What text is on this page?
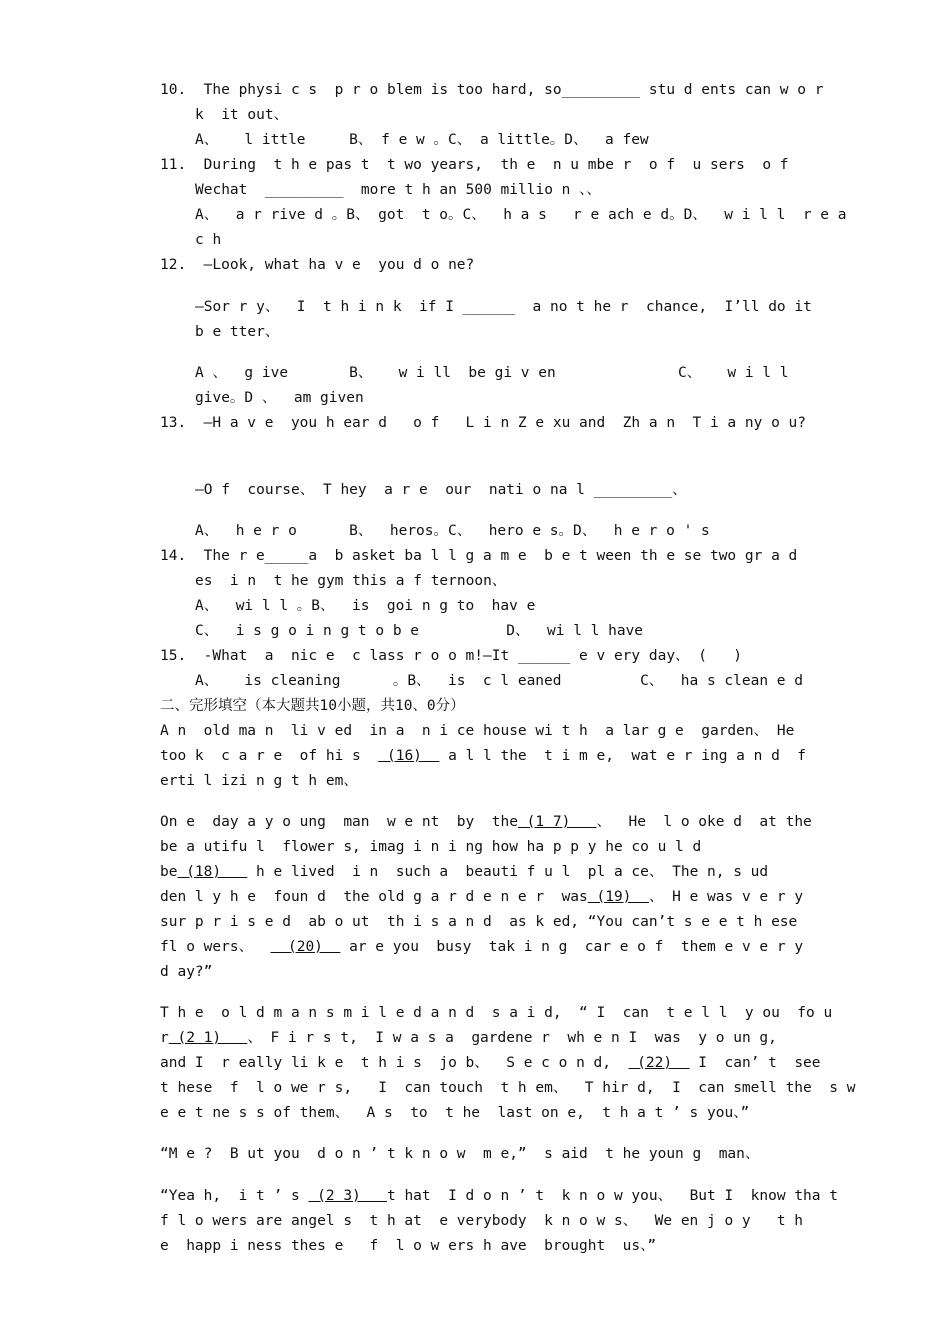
10.  The physi c s  p r o blem is too hard, so_________ stu d ents can w o r
k  it out、
A、   l ittle     B、 f e w 。C、 a little。D、  a few
11.  During  t h e pas t  t wo years,  th e  n u mbe r  o f  u sers  o f
Wechat  _________  more t h an 500 millio n 、、
A、  a r rive d 。B、 got  t o。C、  h a s   r e ach e d。D、  w i l l  r e a
c h
12.  —Look, what ha v e  you d o ne?
—Sor r y、  I  t h i n k  if I ______  a no t he r  chance,  I’ll do it
b e tter、
A 、  g ive       B、   w i ll  be gi v en              C、   w i l l
give。D 、  am given
13.  —H a v e  you h ear d   o f   L i n Z e xu and  Zh a n  T i a ny o u?
—O f  course、 T hey  a r e  our  nati o na l _________、
A、  h e r o      B、  heros。C、  hero e s。D、  h e r o ' s
14.  The r e_____a  b asket ba l l g a m e  b e t ween th e se two gr a d
es  i n  t he gym this a f ternoon、
A、  wi l l 。B、  is  goi n g to  hav e
C、  i s g o i n g t o b e          D、  wi l l have
15.  -What  a  nic e  c lass r o o m!—It ______ e v ery day、 (   )
A、   is cleaning      。B、  is  c l eaned         C、  ha s clean e d
二、完形填空（本大题共10小题，共10、0分）
A n  old ma n  li v ed  in a  n i ce house wi t h  a lar g e  garden、 He
too k  c a r e  of hi s   (16)   a l l the  t i m e,  wat e r ing a n d  f
erti l izi n g t h em、
On e  day a y o ung  man  w e nt  by  the (1 7)   、  He  l o oke d  at the
be a utifu l  flower s, imag i n i ng how ha p p y he co u l d
be (18)    h e lived  i n  such a  beauti f u l  pl a ce、 The n, s ud
den l y h e  foun d  the old g a r d e n e r  was (19)  、 H e was v e r y
sur p r i s e d  ab o ut  th i s a n d  as k ed, “You can’t s e e t h ese
fl o wers、    (20)   ar e you  busy  tak i n g  car e o f  them e v e r y
d ay?”
T h e  o l d m a n s m i l e d a n d  s a i d,  “ I  can  t e l l  y ou  fo u
r (2 1)   、 F i r s t,  I w a s a  gardene r  wh e n I  was  y o un g,
and I  r eally li k e  t h i s  jo b、  S e c o n d,   (22)   I  can’ t  see
t hese  f  l o we r s,   I  can touch  t h em、  T hir d,  I  can smell the  s w
e e t ne s s of them、  A s  to  t he  last on e,  t h a t ’ s you、”
“M e ?  B ut you  d o n ’ t k n o w  m e,”  s aid  t he youn g  man、
“Yea h,  i t ’ s  (2 3)   t hat  I d o n ’ t  k n o w you、  But I  know tha t
f l o wers are angel s  t h at  e verybody  k n o w s、  We en j o y   t h
e  happ i ness thes e   f  l o w ers h ave  brought  us、”
